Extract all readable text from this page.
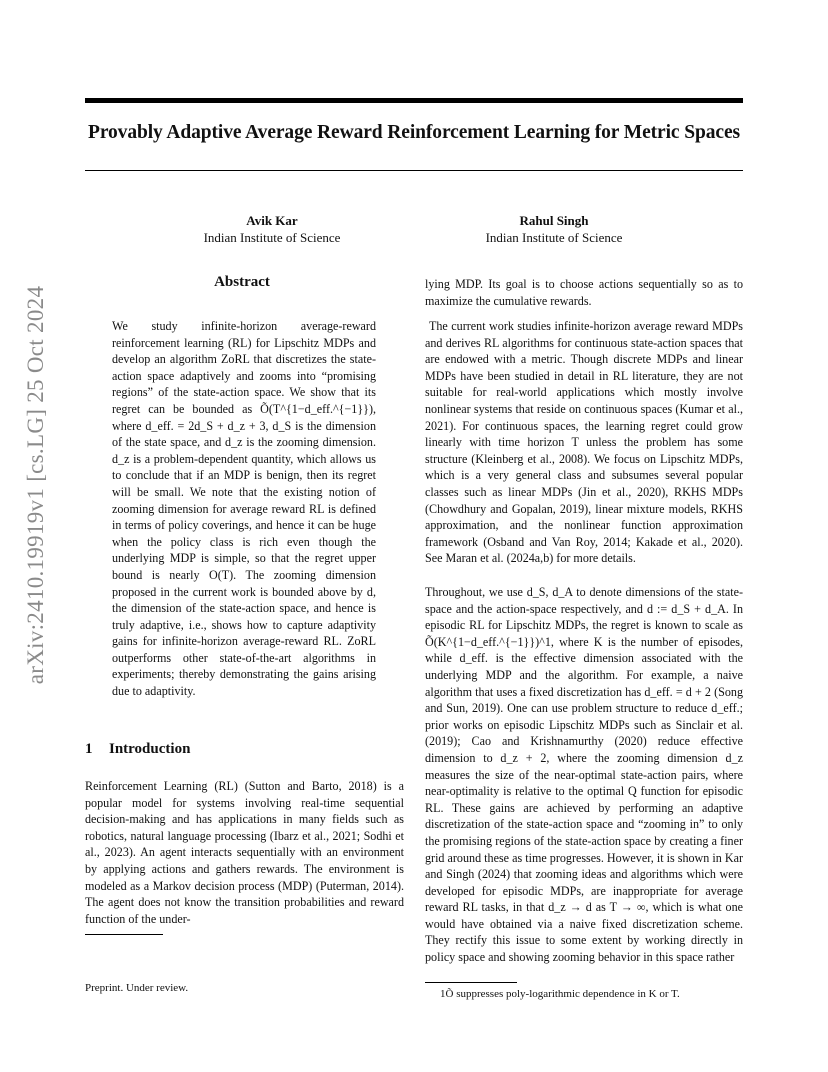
Provably Adaptive Average Reward Reinforcement Learning for Metric Spaces
Avik Kar
Indian Institute of Science
Rahul Singh
Indian Institute of Science
arXiv:2410.19919v1 [cs.LG] 25 Oct 2024
Abstract

We study infinite-horizon average-reward reinforcement learning (RL) for Lipschitz MDPs and develop an algorithm ZoRL that discretizes the state-action space adaptively and zooms into “promising regions” of the state-action space. We show that its regret can be bounded as Õ(T^{1−d_eff.^{−1}}), where d_eff. = 2d_S + d_z + 3, d_S is the dimension of the state space, and d_z is the zooming dimension. d_z is a problem-dependent quantity, which allows us to conclude that if an MDP is benign, then its regret will be small. We note that the existing notion of zooming dimension for average reward RL is defined in terms of policy coverings, and hence it can be huge when the policy class is rich even though the underlying MDP is simple, so that the regret upper bound is nearly O(T). The zooming dimension proposed in the current work is bounded above by d, the dimension of the state-action space, and hence is truly adaptive, i.e., shows how to capture adaptivity gains for infinite-horizon average-reward RL. ZoRL outperforms other state-of-the-art algorithms in experiments; thereby demonstrating the gains arising due to adaptivity.

1 Introduction

Reinforcement Learning (RL) (Sutton and Barto, 2018) is a popular model for systems involving real-time sequential decision-making and has applications in many fields such as robotics, natural language processing (Ibarz et al., 2021; Sodhi et al., 2023). An agent interacts sequentially with an environment by applying actions and gathers rewards. The environment is modeled as a Markov decision process (MDP) (Puterman, 2014). The agent does not know the transition probabilities and reward function of the under-

Preprint. Under review.

lying MDP. Its goal is to choose actions sequentially so as to maximize the cumulative rewards.

The current work studies infinite-horizon average reward MDPs and derives RL algorithms for continuous state-action spaces that are endowed with a metric. Though discrete MDPs and linear MDPs have been studied in detail in RL literature, they are not suitable for real-world applications which mostly involve nonlinear systems that reside on continuous spaces (Kumar et al., 2021). For continuous spaces, the learning regret could grow linearly with time horizon T unless the problem has some structure (Kleinberg et al., 2008). We focus on Lipschitz MDPs, which is a very general class and subsumes several popular classes such as linear MDPs (Jin et al., 2020), RKHS MDPs (Chowdhury and Gopalan, 2019), linear mixture models, RKHS approximation, and the nonlinear function approximation framework (Osband and Van Roy, 2014; Kakade et al., 2020). See Maran et al. (2024a,b) for more details.

Throughout, we use d_S, d_A to denote dimensions of the state-space and the action-space respectively, and d := d_S + d_A. In episodic RL for Lipschitz MDPs, the regret is known to scale as Õ(K^{1−d_eff.^{−1}})^1, where K is the number of episodes, while d_eff. is the effective dimension associated with the underlying MDP and the algorithm. For example, a naive algorithm that uses a fixed discretization has d_eff. = d + 2 (Song and Sun, 2019). One can use problem structure to reduce d_eff.; prior works on episodic Lipschitz MDPs such as Sinclair et al. (2019); Cao and Krishnamurthy (2020) reduce effective dimension to d_z + 2, where the zooming dimension d_z measures the size of the near-optimal state-action pairs, where near-optimality is relative to the optimal Q function for episodic RL. These gains are achieved by performing an adaptive discretization of the state-action space and “zooming in” to only the promising regions of the state-action space by creating a finer grid around these as time progresses. However, it is shown in Kar and Singh (2024) that zooming ideas and algorithms which were developed for episodic MDPs, are inappropriate for average reward RL tasks, in that d_z → d as T → ∞, which is what one would have obtained via a naive fixed discretization scheme. They rectify this issue to some extent by working directly in policy space and showing zooming behavior in this space rather

1Õ suppresses poly-logarithmic dependence in K or T.
